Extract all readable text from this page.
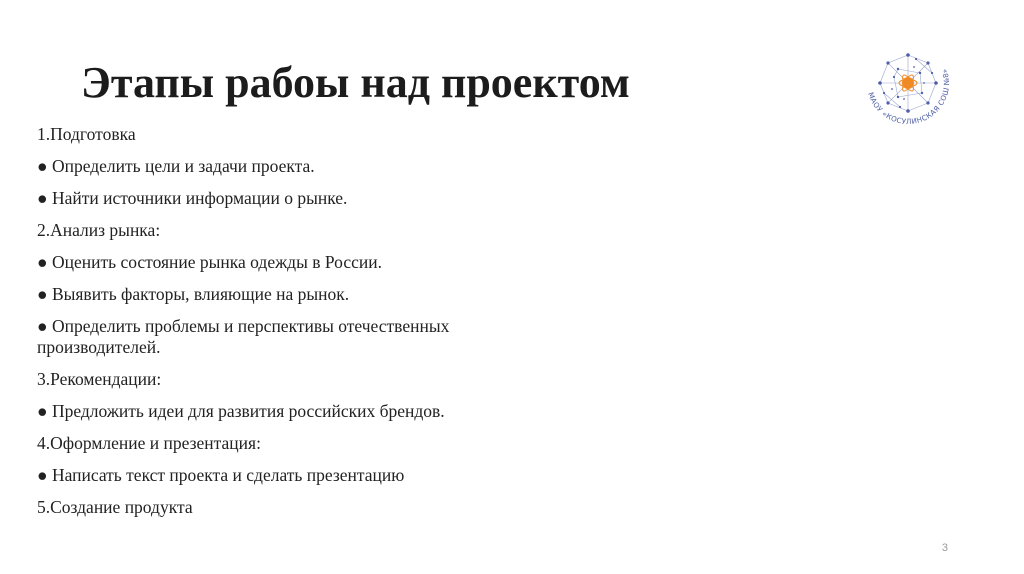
Этапы рабоы над проектом
1.Подготовка
● Определить цели и задачи проекта.
● Найти источники информации о рынке.
2.Анализ рынка:
● Оценить состояние рынка одежды в России.
● Выявить факторы, влияющие на рынок.
● Определить проблемы и перспективы отечественных производителей.
3.Рекомендации:
● Предложить идеи для развития российских брендов.
4.Оформление и презентация:
● Написать текст проекта и сделать презентацию
5.Создание продукта
МАОУ «КОСУЛИНСКАЯ СОШ №8»
3
